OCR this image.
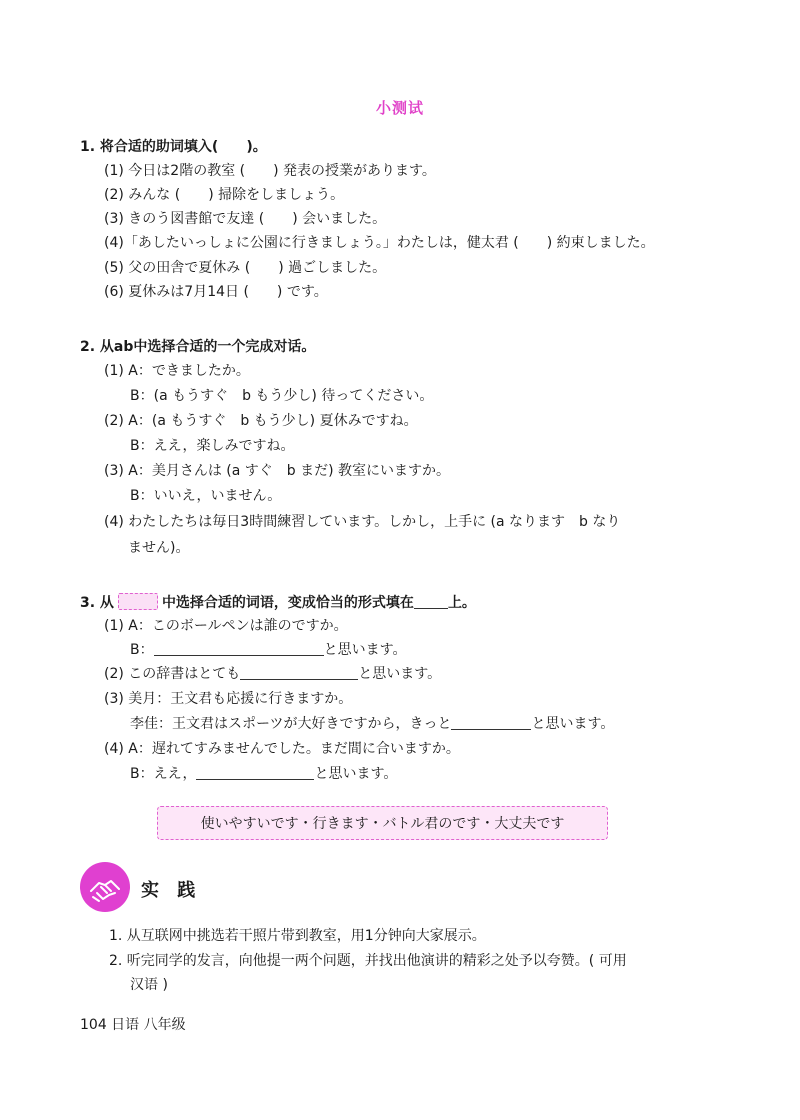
小测试
1. 将合适的助词填入(　　)。
(1) 今日は2階の教室 (　　) 発表の授業があります。
(2) みんな (　　) 掃除をしましょう。
(3) きのう図書館で友達 (　　) 会いました。
(4)「あしたいっしょに公園に行きましょう。」わたしは，健太君 (　　) 約束しました。
(5) 父の田舎で夏休み (　　) 過ごしました。
(6) 夏休みは7月14日 (　　) です。
2. 从ab中选择合适的一个完成对话。
(1) A：できましたか。
B：(a もうすぐ　b もう少し) 待ってください。
(2) A：(a もうすぐ　b もう少し) 夏休みですね。
B：ええ，楽しみですね。
(3) A：美月さんは (a すぐ　b まだ) 教室にいますか。
B：いいえ，いません。
(4) わたしたちは毎日3時間練習しています。しかし，上手に (a なります　b なり
ません)。
3. 从	中选择合适的词语，变成恰当的形式填在 上。
(1) A：このボールペンは誰のですか。
B：	と思います。
(2) この辞書はとても	と思います。
(3) 美月：王文君も応援に行きますか。
李佳：王文君はスポーツが大好きですから，きっと	と思います。
(4) A：遅れてすみませんでした。まだ間に合いますか。
B：ええ，	と思います。
使いやすいです・行きます・バトル君のです・大丈夫です
实 践
1. 从互联网中挑选若干照片带到教室，用1分钟向大家展示。
2. 听完同学的发言，向他提一两个问题，并找出他演讲的精彩之处予以夸赞。( 可用
汉语 )
104 日语 八年级
